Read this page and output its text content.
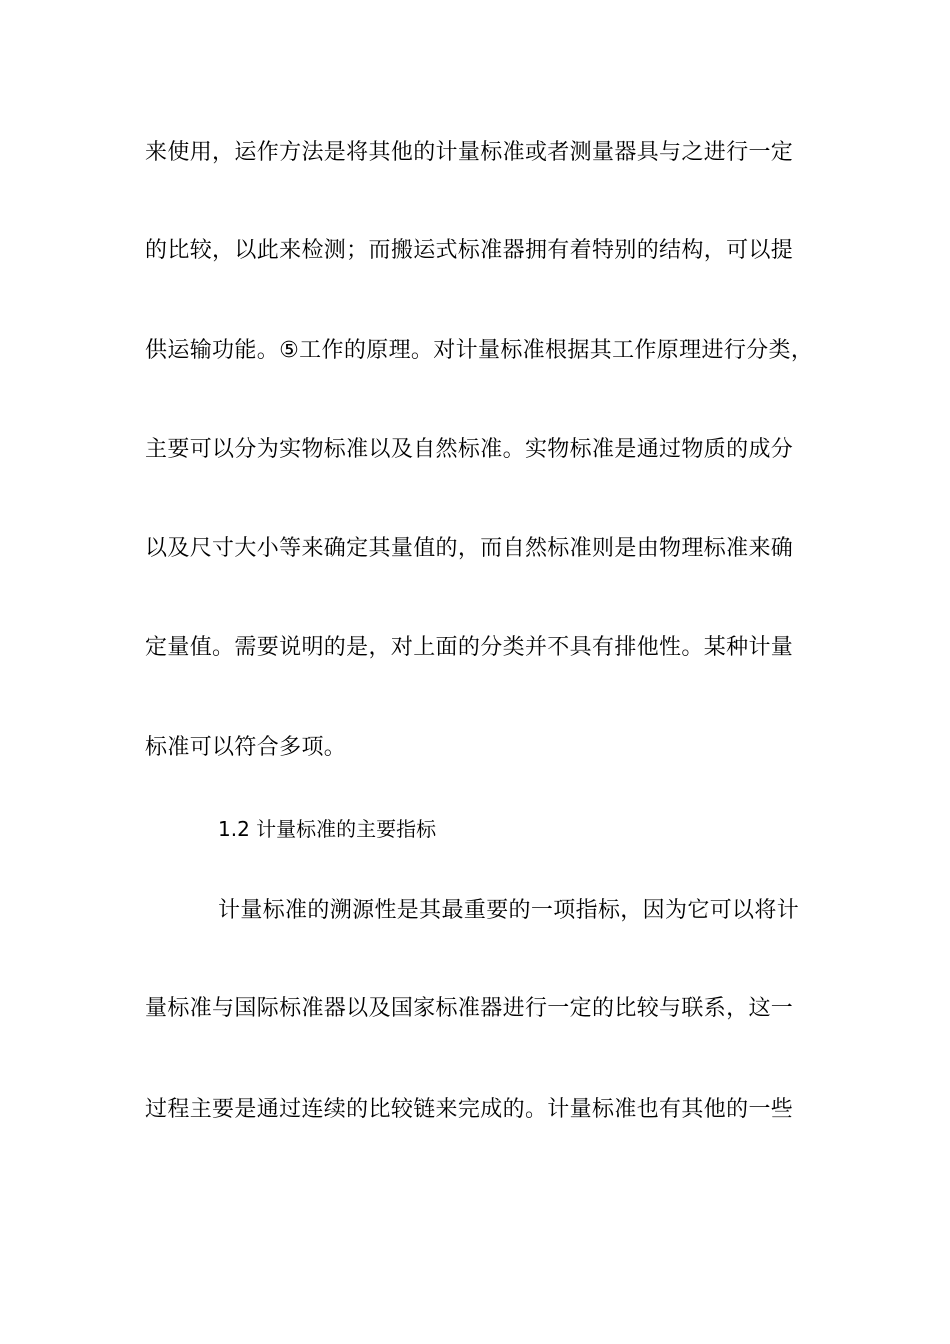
来使用，运作方法是将其他的计量标准或者测量器具与之进行一定
的比较，以此来检测；而搬运式标准器拥有着特别的结构，可以提
供运输功能。⑤工作的原理。对计量标准根据其工作原理进行分类，
主要可以分为实物标准以及自然标准。实物标准是通过物质的成分
以及尺寸大小等来确定其量值的，而自然标准则是由物理标准来确
定量值。需要说明的是，对上面的分类并不具有排他性。某种计量
标准可以符合多项。
1.2 计量标准的主要指标
计量标准的溯源性是其最重要的一项指标，因为它可以将计
量标准与国际标准器以及国家标准器进行一定的比较与联系，这一
过程主要是通过连续的比较链来完成的。计量标准也有其他的一些
